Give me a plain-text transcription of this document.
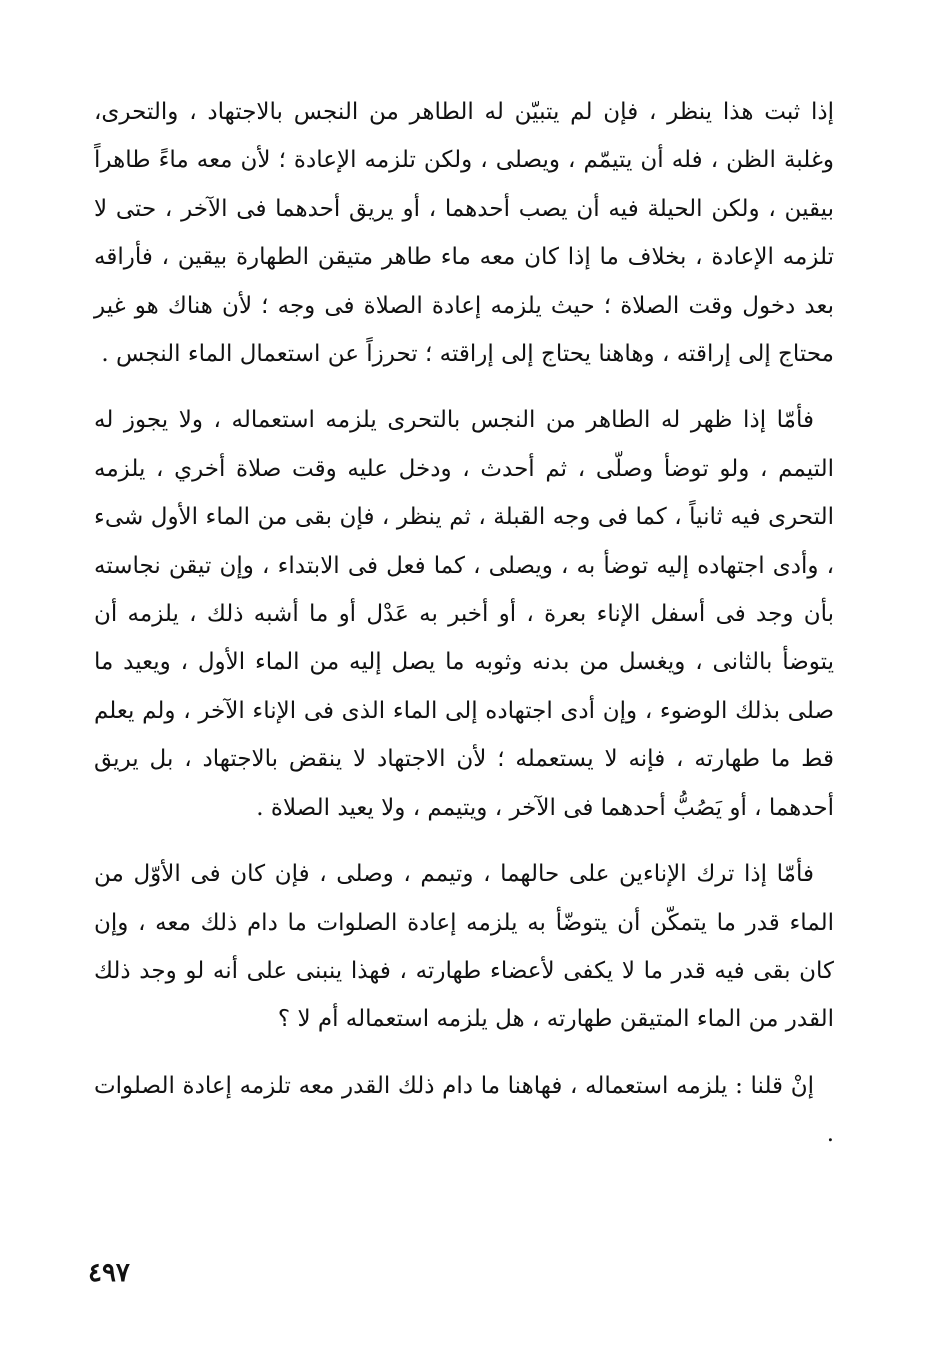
إذا ثبت هذا ينظر ، فإن لم يتبيّن له الطاهر من النجس بالاجتهاد ، والتحرى، وغلبة الظن ، فله أن يتيمّم ، ويصلى ، ولكن تلزمه الإعادة ؛ لأن معه ماءً طاهراً بيقين ، ولكن الحيلة فيه أن يصب أحدهما ، أو يريق أحدهما فى الآخر ، حتى لا تلزمه الإعادة ، بخلاف ما إذا كان معه ماء طاهر متيقن الطهارة بيقين ، فأراقه بعد دخول وقت الصلاة ؛ حيث يلزمه إعادة الصلاة فى وجه ؛ لأن هناك هو غير محتاج إلى إراقته ، وهاهنا يحتاج إلى إراقته ؛ تحرزاً عن استعمال الماء النجس .

فأمّا إذا ظهر له الطاهر من النجس بالتحرى يلزمه استعماله ، ولا يجوز له التيمم ، ولو توضأ وصلّى ، ثم أحدث ، ودخل عليه وقت صلاة أخري ، يلزمه التحرى فيه ثانياً ، كما فى وجه القبلة ، ثم ينظر ، فإن بقى من الماء الأول شىء ، وأدى اجتهاده إليه توضأ به ، ويصلى ، كما فعل فى الابتداء ، وإن تيقن نجاسته بأن وجد فى أسفل الإناء بعرة ، أو أخبر به عَدْل أو ما أشبه ذلك ، يلزمه أن يتوضأ بالثانى ، ويغسل من بدنه وثوبه ما يصل إليه من الماء الأول ، ويعيد ما صلى بذلك الوضوء ، وإن أدى اجتهاده إلى الماء الذى فى الإناء الآخر ، ولم يعلم قط ما طهارته ، فإنه لا يستعمله ؛ لأن الاجتهاد لا ينقض بالاجتهاد ، بل يريق أحدهما ، أو يَصُبُّ أحدهما فى الآخر ، ويتيمم ، ولا يعيد الصلاة .

فأمّا إذا ترك الإناءين على حالهما ، وتيمم ، وصلى ، فإن كان فى الأوّل من الماء قدر ما يتمكّن أن يتوضّأ به يلزمه إعادة الصلوات ما دام ذلك معه ، وإن كان بقى فيه قدر ما لا يكفى لأعضاء طهارته ، فهذا ينبنى على أنه لو وجد ذلك القدر من الماء المتيقن طهارته ، هل يلزمه استعماله أم لا ؟

إنْ قلنا : يلزمه استعماله ، فهاهنا ما دام ذلك القدر معه تلزمه إعادة الصلوات .

٤٩٧
